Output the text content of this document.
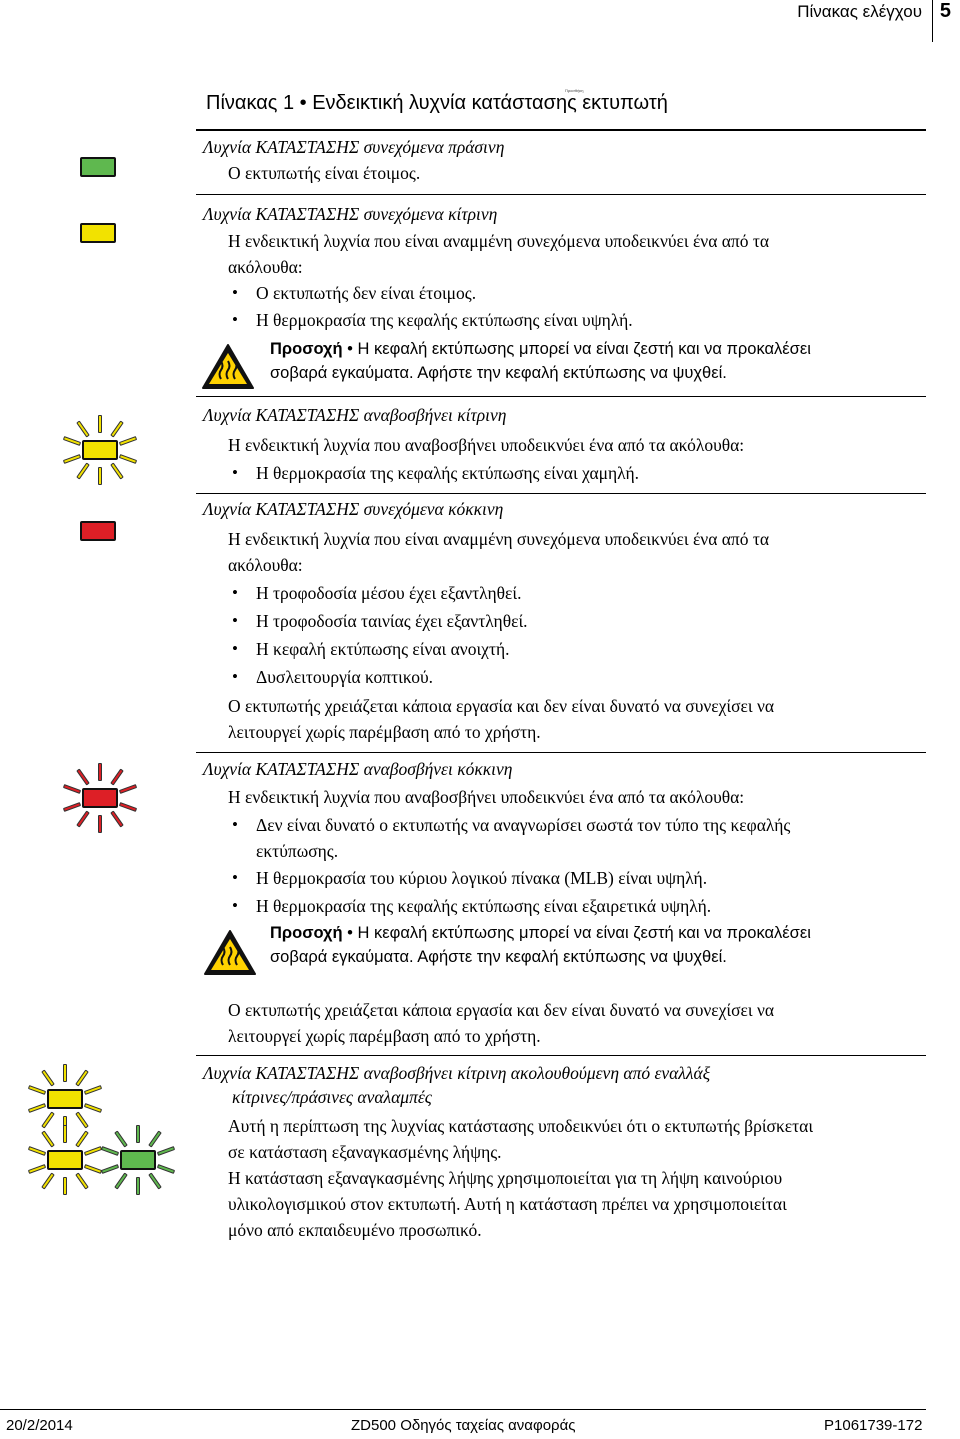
Πίνακας ελέγχου 5
Προσθήκη
Πίνακας 1 • Ενδεικτική λυχνία κατάστασης εκτυπωτή
Λυχνία ΚΑΤΑΣΤΑΣΗΣ συνεχόμενα πράσινη
Ο εκτυπωτής είναι έτοιμος.
Λυχνία ΚΑΤΑΣΤΑΣΗΣ συνεχόμενα κίτρινη
Η ενδεικτική λυχνία που είναι αναμμένη συνεχόμενα υποδεικνύει ένα από τα
ακόλουθα:
• Ο εκτυπωτής δεν είναι έτοιμος.
• Η θερμοκρασία της κεφαλής εκτύπωσης είναι υψηλή.
Προσοχή • Η κεφαλή εκτύπωσης μπορεί να είναι ζεστή και να προκαλέσει
σοβαρά εγκαύματα. Αφήστε την κεφαλή εκτύπωσης να ψυχθεί.
Λυχνία ΚΑΤΑΣΤΑΣΗΣ αναβοσβήνει κίτρινη
Η ενδεικτική λυχνία που αναβοσβήνει υποδεικνύει ένα από τα ακόλουθα:
• Η θερμοκρασία της κεφαλής εκτύπωσης είναι χαμηλή.
Λυχνία ΚΑΤΑΣΤΑΣΗΣ συνεχόμενα κόκκινη
Η ενδεικτική λυχνία που είναι αναμμένη συνεχόμενα υποδεικνύει ένα από τα
ακόλουθα:
• Η τροφοδοσία μέσου έχει εξαντληθεί.
• Η τροφοδοσία ταινίας έχει εξαντληθεί.
• Η κεφαλή εκτύπωσης είναι ανοιχτή.
• Δυσλειτουργία κοπτικού.
Ο εκτυπωτής χρειάζεται κάποια εργασία και δεν είναι δυνατό να συνεχίσει να
λειτουργεί χωρίς παρέμβαση από το χρήστη.
Λυχνία ΚΑΤΑΣΤΑΣΗΣ αναβοσβήνει κόκκινη
Η ενδεικτική λυχνία που αναβοσβήνει υποδεικνύει ένα από τα ακόλουθα:
• Δεν είναι δυνατό ο εκτυπωτής να αναγνωρίσει σωστά τον τύπο της κεφαλής
εκτύπωσης.
• Η θερμοκρασία του κύριου λογικού πίνακα (MLB) είναι υψηλή.
• Η θερμοκρασία της κεφαλής εκτύπωσης είναι εξαιρετικά υψηλή.
Προσοχή • Η κεφαλή εκτύπωσης μπορεί να είναι ζεστή και να προκαλέσει
σοβαρά εγκαύματα. Αφήστε την κεφαλή εκτύπωσης να ψυχθεί.
Ο εκτυπωτής χρειάζεται κάποια εργασία και δεν είναι δυνατό να συνεχίσει να
λειτουργεί χωρίς παρέμβαση από το χρήστη.
Λυχνία ΚΑΤΑΣΤΑΣΗΣ αναβοσβήνει κίτρινη ακολουθούμενη από εναλλάξ
κίτρινες/πράσινες αναλαμπές
Αυτή η περίπτωση της λυχνίας κατάστασης υποδεικνύει ότι ο εκτυπωτής βρίσκεται
σε κατάσταση εξαναγκασμένης λήψης.
Η κατάσταση εξαναγκασμένης λήψης χρησιμοποιείται για τη λήψη καινούριου
υλικολογισμικού στον εκτυπωτή. Αυτή η κατάσταση πρέπει να χρησιμοποιείται
μόνο από εκπαιδευμένο προσωπικό.
20/2/2014	ZD500 Οδηγός ταχείας αναφοράς	P1061739-172
